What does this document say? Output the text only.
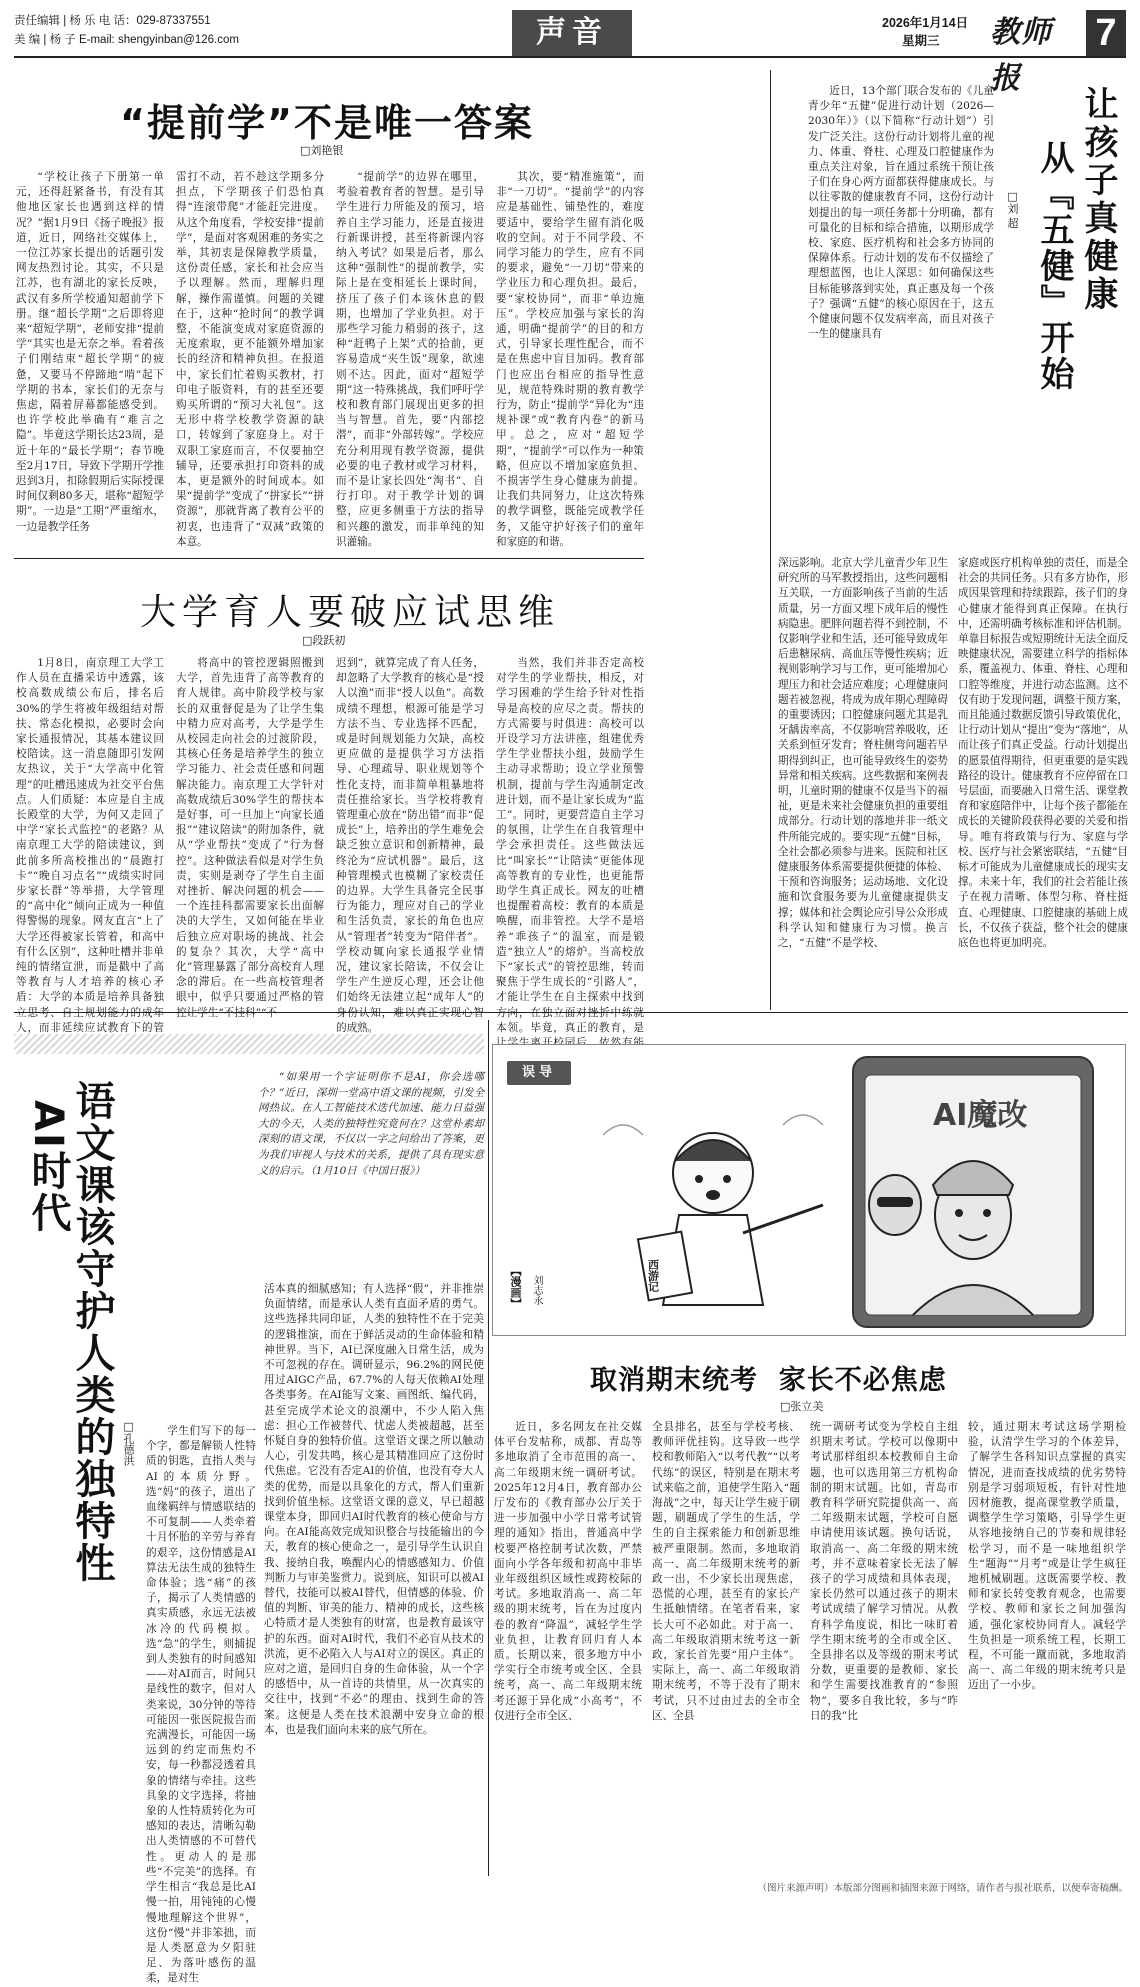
责任编辑 | 杨 乐 电 话：029-87337551
美 编 | 杨 子 E-mail: shengyinban@126.com	声音	2026年1月14日
星期三	教师报
7
“提前学”不是唯一答案
□刘艳银
“学校让孩子下册第一单元，还得赶紧备书，有没有其他地区家长也遇到这样的情况？”据1月9日《扬子晚报》报道，近日，网络社交媒体上，一位江苏家长提出的话题引发网友热烈讨论。其实，不只是江苏，也有湖北的家长反映，武汉有多所学校通知超前学下册。继“超长学期”之后即将迎来“超短学期”，老师安排“提前学”其实也是无奈之举。看着孩子们刚结束“超长学期”的疲惫，又要马不停蹄地“啃”起下学期的书本，家长们的无奈与焦虑，隔着屏幕都能感受到。也许学校此举确有“难言之隐”。毕竟这学期长达23周，是近十年的“最长学期”；春节晚至2月17日，导致下学期开学推迟到3月，扣除假期后实际授课时间仅剩80多天，堪称“超短学期”。一边是“工期”严重缩水，一边是教学任务
雷打不动，若不趁这学期多分担点，下学期孩子们恐怕真得“连滚带爬”才能赶完进度。从这个角度看，学校安排“提前学”，是面对客观困难的务实之举，其初衷是保障教学质量，这份责任感，家长和社会应当予以理解。然而，理解归理解，操作需谨慎。问题的关键在于，这种“抢时间”的教学调整，不能演变成对家庭资源的无度索取，更不能额外增加家长的经济和精神负担。在报道中，家长们忙着购买教材，打印电子版资料，有的甚至还要购买所谓的“预习大礼包”。这无形中将学校教学资源的缺口，转嫁到了家庭身上。对于双职工家庭而言，不仅要抽空辅导，还要承担打印资料的成本，更是额外的时间成本。如果“提前学”变成了“拼家长”“拼资源”，那就背离了教育公平的初衷，也违背了“双减”政策的本意。
“提前学”的边界在哪里，考验着教育者的智慧。是引导学生进行力所能及的预习，培养自主学习能力，还是直接进行新课讲授，甚至将新课内容纳入考试？如果是后者，那么这种“强制性”的提前教学，实际上是在变相延长上课时间，挤压了孩子们本该休息的假期，也增加了学业负担。对于那些学习能力稍弱的孩子，这种“赶鸭子上架”式的拾前，更容易造成“夹生饭”现象，欲速则不达。因此，面对“超短学期”这一特殊挑战，我们呼吁学校和教育部门展现出更多的担当与智慧。首先，要“内部挖潜”，而非“外部转嫁”。学校应充分利用现有教学资源，提供必要的电子教材或学习材料，而不是让家长四处“淘书”、自行打印。对于教学计划的调整，应更多侧重于方法的指导和兴趣的激发，而非单纯的知识灌输。
其次，要“精准施策”，而非“一刀切”。“提前学”的内容应是基础性、铺垫性的，难度要适中，要给学生留有消化吸收的空间。对于不同学段、不同学习能力的学生，应有不同的要求，避免“一刀切”带来的学业压力和心理负担。最后，要“家校协同”，而非“单边施压”。学校应加强与家长的沟通，明确“提前学”的目的和方式，引导家长理性配合，而不是在焦虑中盲目加码。教育部门也应出台相应的指导性意见，规范特殊时期的教育教学行为，防止“提前学”异化为“违规补课”或“教育内卷”的新马甲。总之，应对“超短学期”，“提前学”可以作为一种策略，但应以不增加家庭负担、不损害学生身心健康为前提。让我们共同努力，让这次特殊的教学调整，既能完成教学任务，又能守护好孩子们的童年和家庭的和谐。
大学育人要破应试思维
□段跃初
1月8日，南京理工大学工作人员在直播采访中透露，该校高数成绩公布后，排名后30%的学生将被年级组结对帮扶、常态化模拟，必要时会向家长通报情况，其基本建议回校陪读。这一消息随即引发网友热议，关于“大学高中化管理”的吐槽迅速成为社交平台焦点。人们质疑：本应是自主成长殿堂的大学，为何又走回了中学“家长式监控”的老路？从南京理工大学的陪读建议，到此前多所高校推出的“晨跑打卡”“晚自习点名”“成绩实时同步家长群”等举措，大学管理的“高中化”倾向正成为一种值得警惕的现象。网友直言“上了大学还得被家长管着，和高中有什么区别”，这种吐槽并非单纯的情绪宣泄，而是戳中了高等教育与人才培养的核心矛盾：大学的本质是培养具备独 人，而非延续应试教育下的管
将高中的管控逻辑照搬到大学，首先违背了高等教育的育人规律。高中阶段学校与家长的双重督促是为了让学生集中精力应对高考，大学是学生从校园走向社会的过渡阶段，其核心任务是培养学生的独立学习能力、社会责任感和问题解决能力。南京理工大学针对高数成绩后30%学生的帮扶本是好事，可一旦加上“向家长通报”“建议陪读”的附加条件，就从“学业帮扶”变成了“行为督控”。这种做法看似是对学生负责，实则是剥夺了学生自主面对挫折、解决问题的机会——一个连挂科都需要家长出面解决的大学生，又如何能在毕业后独立应对职场的挑战、社会的复杂？其次，大学“高中化”管理暴露了部分高校育人理念的滞后。在一些高校管理者眼中，似乎只要通过严格的管
迟到”，就算完成了育人任务，却忽略了大学教育的核心是“授人以渔”而非“授人以鱼”。高数成绩不理想，根源可能是学习方法不当、专业选择不匹配，或是时间规划能力欠缺，高校更应做的是提供学习方法指导、心理疏导、职业规划等个性化支持，而非简单粗暴地将责任推给家长。当学校将教育管理重心放在“防出错”而非“促成长”上，培养出的学生难免会缺乏独立意识和创新精神，最终沦为“应试机器”。最后，这种管理模式也模糊了家校责任的边界。大学生具备完全民事行为能力，理应对自己的学业和生活负责，家长的角色也应从“管理者”转变为“陪伴者”。学校动辄向家长通报学业情况，建议家长陪读，不仅会让学生产生逆反心理，还会让他们始终无法建立起“成年人”的 的成熟。
当然，我们并非否定高校对学生的学业帮扶，相反，对学习困难的学生给予针对性指导是高校的应尽之责。帮扶的方式需要与时俱进：高校可以开设学习方法讲座，组建优秀学生学业帮扶小组，鼓励学生主动寻求帮助；设立学业预警机制，提前与学生沟通制定改进计划，而不是让家长成为“监工”。同时，更要营造自主学习的氛围，让学生在自我管理中学会承担责任。这些做法远比“叫家长”“让陪读”更能体现高等教育的专业性，也更能帮助学生真正成长。网友的吐槽也提醒着高校：教育的本质是唤醒，而非管控。大学不是培养“乖孩子”的温室，而是锻造“独立人”的熔炉。当高校放下“家长式”的管控思维，转而聚焦于学生成长的“引路人”，才能让学生在自主探索中找到 本领。毕竟，真正的教育，是
让孩子真健康
从『五健』开始
□刘 超
近日，13个部门联合发布的《儿童青少年“五健”促进行动计划（2026—2030年）》（以下简称“行动计划”）引发广泛关注。这份行动计划将儿童的视力、体重、脊柱、心理及口腔健康作为重点关注对象，旨在通过系统干预让孩子们在身心两方面都获得健康成长。与以往零散的健康教育不同，这份行动计划提出的每一项任务都十分明确，都有可量化的目标和综合措施，以期形成学校、家庭、医疗机构和社会多方协同的保障体系。行动计划的发布不仅描绘了理想蓝图，也让人深思：如何确保这些目标能够落到实处，真正惠及每一个孩子？强调“五健”的核心原因在于，这五个健康问题不仅发病率高，而且对孩子一生的健康具有
深远影响。北京大学儿童青少年卫生研究所的马军教授指出，这些问题相互关联，一方面影响孩子当前的生活质量，另一方面又埋下成年后的慢性病隐患。肥胖问题若得不到控制，不仅影响学业和生活，还可能导致成年后患糖尿病、高血压等慢性疾病；近视则影响学习与工作，更可能增加心理压力和社会适应难度；心理健康问题若被忽视，将成为成年期心理障碍的重要诱因；口腔健康问题尤其是乳牙龋齿率高，不仅影响营养吸收，还关系到恒牙发育；脊柱侧弯问题若早期得到纠正，也可能导致终生的姿势异常和相关疾病。这些数据和案例表明，儿童时期的健康不仅是当下的福祉，更是未来社会健康负担的重要组成部分。行动计划的落地并非一纸文件所能完成的。要实现“五健”目标，全社会都必须参与进来。医院和社区健康服务体系需要提供便捷的体检、干预和咨询服务；运动场地、文化设施和饮食服务要为儿童健康提供支撑；媒体和社会舆论应引导公众形成科学认知和健康行为习惯。换言之，“五健”不是学校、
家庭或医疗机构单独的责任，而是全社会的共同任务。只有多方协作，形成因果管理和持续跟踪，孩子们的身心健康才能得到真正保障。在执行中，还需明确考核标准和评估机制。单靠目标报告或短期统计无法全面反映健康状况，需要建立科学的指标体系，覆盖视力、体重、脊柱、心理和口腔等维度，并进行动态监测。这不仅有助于发现问题，调整干预方案，而且能通过数据反馈引导政策优化，让行动计划从“提出”变为“落地”，从而让孩子们真正受益。行动计划提出的愿景值得期待，但更重要的是实践路径的设计。健康教育不应停留在口号层面，而要融入日常生活、课堂教育和家庭陪伴中，让每个孩子都能在成长的关键阶段获得必要的关爱和指导。唯有将政策与行为、家庭与学校、医疗与社会紧密联结，“五健”目标才可能成为儿童健康成长的现实支撑。未来十年，我们的社会若能让孩子在视力清晰、体型匀称、脊柱挺直、心理健康、口腔健康的基础上成长，不仅孩子获益，整个社会的健康底色也将更加明亮。
AI时代
语文课该守护人类的独特性 □孔德洪
“如果用一个字证明你不是AI，你会选哪个？”近日，深圳一堂高中语文课的视频，引发全网热议。在人工智能技术迭代加速、能力日益强大的今天，人类的独特性究竟何在？这堂朴素却深刻的语文课，不仅以一字之问给出了答案，更为我们审视人与技术的关系，提供了具有现实意义的启示。（1月10日《中国日报》）
学生们写下的每一个字，都是解锁人性特质的钥匙，直指人类与AI的本质分野。选“妈”的孩子，道出了血缘羁绊与情感联结的不可复制——人类牵着十月怀胎的辛劳与养育的艰辛，这份情感是AI算法无法生成的独特生命体验；选“痛”的孩子，揭示了人类情感的真实质感，永远无法被冰冷的代码模拟。选“急”的学生，则捕捉到人类独有的时间感知——对AI而言，时间只是线性的数字，但对人类来说，30分钟的等待可能因一张医院报告而充满漫长，可能因一场远到的约定而焦灼不安，每一秒都浸透着具象的情绪与牵挂。这些具象的文字选择，将抽象的人性特质转化为可感知的表达，清晰勾勒出人类情感的不可替代性。更动人的是那些“不完美”的选择。有学生相言“我总是比AI慢一拍，用钝钝的心慢慢地理解这个世界”，这份“慢”并非笨拙，而是人类愿意为夕阳驻足、为落叶感伤的温柔，是对生
活本真的细腻感知；有人选择“假”，并非推崇负面情绪，而是承认人类有直面矛盾的勇气。这些选择共同印证，人类的独特性不在于完美的逻辑推演，而在于鲜活灵动的生命体验和精神世界。当下，AI已深度融入日常生活，成为不可忽视的存在。调研显示，96.2%的网民使用过AIGC产品，67.7%的人每天依赖AI处理各类事务。在AI能写文案、画图纸、编代码，甚至完成学术论文的浪潮中，不少人陷入焦虑：担心工作被替代、忧虑人类被超越，甚至怀疑自身的独特价值。这堂语文课之所以触动人心，引发共鸣，核心是其精准回应了这份时代焦虑。它没有否定AI的价值，也没有夸大人类的优势，而是以具象化的方式，帮人们重新找到价值坐标。这堂语文课的意义，早已超越课堂本身，即回归AI时代教育的核心使命与方向。在AI能高效完成知识整合与技能输出的今天，教育的核心使命之一，是引导学生认识自我、接纳自我，唤醒内心的情感感知力、价值判断力与审美鉴赏力。说到底，知识可以被AI替代，技能可以被AI替代，但情感的体验、价值的判断、审美的能力、精神的成长，这些核心特质才是人类独有的财富，也是教育最该守护的东西。面对AI时代，我们不必盲从技术的洪流，更不必陷入人与AI对立的误区。真正的应对之道，是回归自身的生命体验，从一个字的感悟中，从一首诗的共情里，从一次真实的交往中，找到“不必”的理由、找到生命的答案。这便是人类在技术浪潮中安身立命的根本，也是我们面向未来的底气所在。
AI魔改
西游记
误导
【漫画】 刘志永
取消期末统考  家长不必焦虑
□张立美
近日，多名网友在社交媒体平台发帖称，成都、青岛等多地取消了全市范围的高一、高二年级期末统一调研考试。2025年12月4日，教育部办公厅发布的《教育部办公厅关于进一步加强中小学日常考试管理的通知》指出，普通高中学校要严格控制考试次数，严禁面向小学各年级和初高中非毕业年级组织区域性或跨校际的考试。多地取消高一、高二年级的期末统考，旨在为过度内卷的教育“降温”，减轻学生学业负担，让教育回归育人本质。长期以来，很多地方中小学实行全市统考或全区、全县统考，高一、高二年级期末统考还源于异化成“小高考”，不仅进行全市全区、
全县排名，甚至与学校考核、教师评优挂钩。这导致一些学校和教师陷入“以考代教”“以考代练”的误区，特别是在期末考试来临之前，追使学生陷入“题海战”之中，每天让学生疲于刷题，刷题成了学生的生活，学生的自主探索能力和创新思维被严重限制。然而，多地取消高一、高二年级期末统考的新政一出，不少家长出现焦虑，恐慌的心理，甚至有的家长产生抵触情绪。在笔者看来，家长大可不必如此。对于高一、高二年级取消期末统考这一新政，家长首先要“用户主体”。实际上，高一、高二年级取消期末统考，不等于没有了期末考试，只不过由过去的全市全区、全县
统一调研考试变为学校自主组织期末考试。学校可以像期中考试那样组织本校教师自主命题，也可以选用第三方机构命制的期末试题。比如，青岛市教育科学研究院提供高一、高二年级期末试题，学校可自愿申请使用该试题。换句话说，取消高一、高二年级的期末统考，并不意味着家长无法了解孩子的学习成绩和具体表现，家长仍然可以通过孩子的期末考试成绩了解学习情况。从教育科学角度说，相比一味盯着学生期末统考的全市或全区、全县排名以及等级的期末考试分数，更重要的是教师、家长和学生需要找准教育的“参照物”，要多自我比较，多与“昨日的我”比
较，通过期末考试这场学期检验，认清学生学习的个体差异，了解学生各科知识点掌握的真实情况，进而查找成绩的优劣势特别是学习弱项短板，有针对性地因材施教，提高课堂教学质量，调整学生学习策略，引导学生更从容地接纳自己的节奏和规律轻松学习，而不是一味地组织学生“题海”“月考”或是让学生疯狂地机械刷题。这既需要学校、教师和家长转变教育观念，也需要学校、教师和家长之间加强沟通，强化家校协同育人。减轻学生负担是一项系统工程，长期工程，不可能一蹴而就，多地取消高一、高二年级的期末统考只是迈出了一小步。
（图片来源声明）本版部分图画和插图来源于网络，请作者与报社联系，以便奉寄稿酬。
